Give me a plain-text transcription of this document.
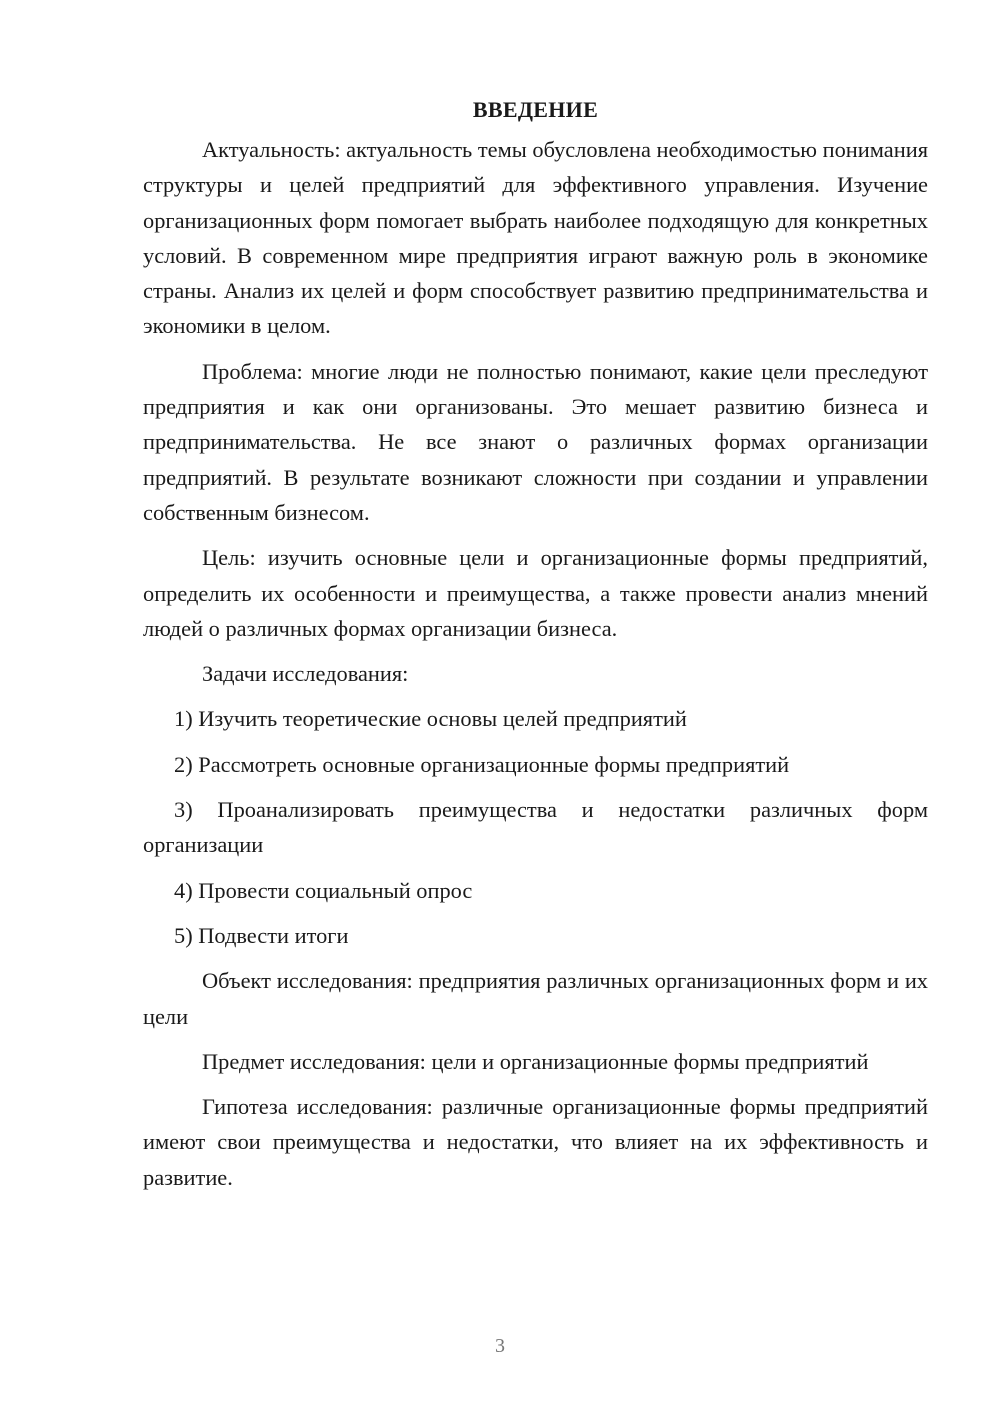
ВВЕДЕНИЕ

Актуальность: актуальность темы обусловлена необходимостью понимания структуры и целей предприятий для эффективного управления. Изучение организационных форм помогает выбрать наиболее подходящую для конкретных условий. В современном мире предприятия играют важную роль в экономике страны. Анализ их целей и форм способствует развитию предпринимательства и экономики в целом.

Проблема: многие люди не полностью понимают, какие цели преследуют предприятия и как они организованы. Это мешает развитию бизнеса и предпринимательства. Не все знают о различных формах организации предприятий. В результате возникают сложности при создании и управлении собственным бизнесом.

Цель: изучить основные цели и организационные формы предприятий, определить их особенности и преимущества, а также провести анализ мнений людей о различных формах организации бизнеса.

Задачи исследования:

1) Изучить теоретические основы целей предприятий

2) Рассмотреть основные организационные формы предприятий

3) Проанализировать преимущества и недостатки различных форм организации

4) Провести социальный опрос

5) Подвести итоги

Объект исследования: предприятия различных организационных форм и их цели

Предмет исследования: цели и организационные формы предприятий

Гипотеза исследования: различные организационные формы предприятий имеют свои преимущества и недостатки, что влияет на их эффективность и развитие.

3
